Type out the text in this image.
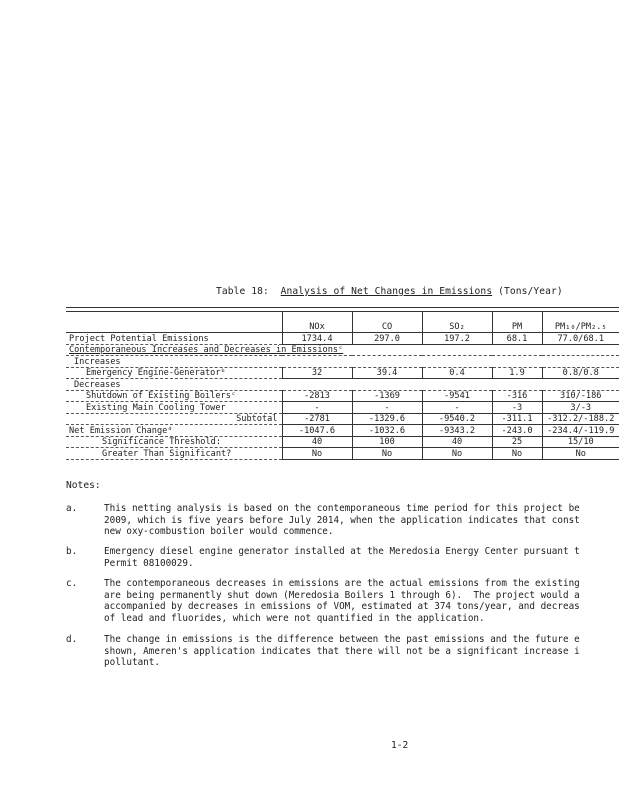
Table 18: Analysis of Net Changes in Emissions (Tons/Year)
	NOx	CO	SO₂	PM	PM₁₀/PM₂.₅
Project Potential Emissions	1734.4	297.0	197.2	68.1	77.0/68.1
Contemporaneous Increases and Decreases in Emissionsᶜ					
Increases					
Emergency Engine-Generatorᵇ	32	39.4	0.4	1.9	0.8/0.8
Decreases					
Shutdown of Existing Boilersᶜ	-2813	-1369	-9541	-316	310/-186
Existing Main Cooling Tower	-	-	-	-3	3/-3
Subtotal	-2781	-1329.6	-9540.2	-311.1	-312.2/-188.2
Net Emission Changeᵈ	-1047.6	-1032.6	-9343.2	-243.0	-234.4/-119.9
Significance Threshold:	40	100	40	25	15/10
Greater Than Significant?	No	No	No	No	No
Notes:
a.	This netting analysis is based on the contemporaneous time period for this project be
2009, which is five years before July 2014, when the application indicates that const
new oxy-combustion boiler would commence.
b.	Emergency diesel engine generator installed at the Meredosia Energy Center pursuant t
Permit 08100029.
c.	The contemporaneous decreases in emissions are the actual emissions from the existing
are being permanently shut down (Meredosia Boilers 1 through 6).  The project would a
accompanied by decreases in emissions of VOM, estimated at 374 tons/year, and decreas
of lead and fluorides, which were not quantified in the application.
d.	The change in emissions is the difference between the past emissions and the future e
shown, Ameren's application indicates that there will not be a significant increase i
pollutant.
1-2
